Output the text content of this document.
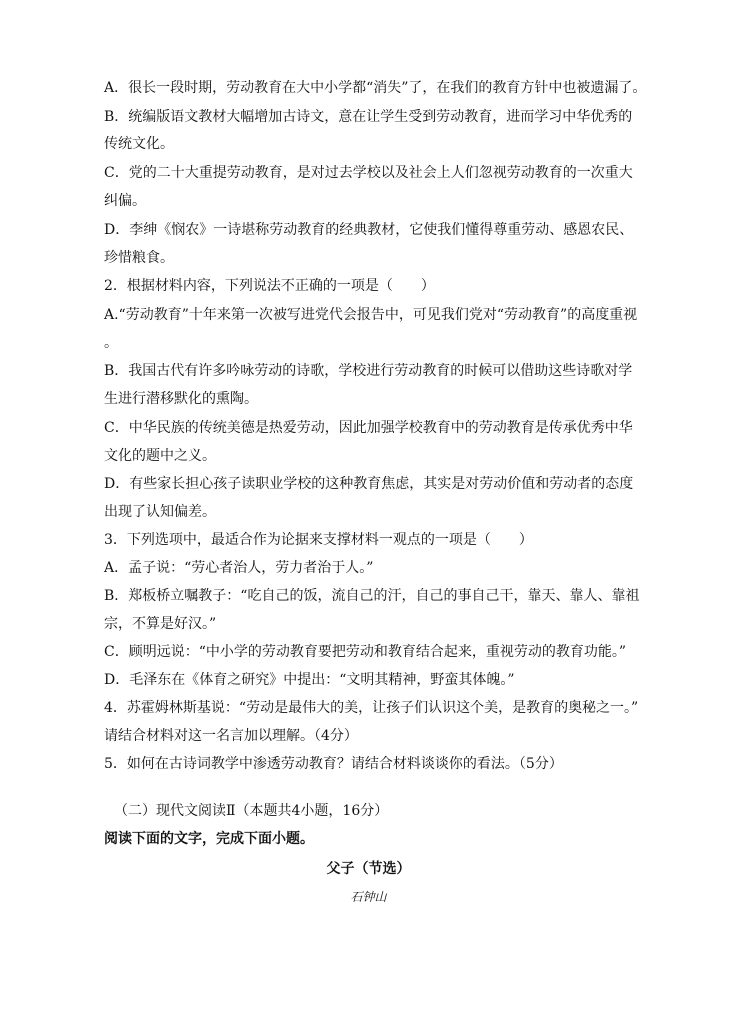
A．很长一段时期，劳动教育在大中小学都“消失”了，在我们的教育方针中也被遗漏了。
B．统编版语文教材大幅增加古诗文，意在让学生受到劳动教育，进而学习中华优秀的
传统文化。
C．党的二十大重提劳动教育，是对过去学校以及社会上人们忽视劳动教育的一次重大
纠偏。
D．李绅《悯农》一诗堪称劳动教育的经典教材，它使我们懂得尊重劳动、感恩农民、
珍惜粮食。
2．根据材料内容，下列说法不正确的一项是（　　）
A.“劳动教育”十年来第一次被写进党代会报告中，可见我们党对“劳动教育”的高度重视
。
B．我国古代有许多吟咏劳动的诗歌，学校进行劳动教育的时候可以借助这些诗歌对学
生进行潜移默化的熏陶。
C．中华民族的传统美德是热爱劳动，因此加强学校教育中的劳动教育是传承优秀中华
文化的题中之义。
D．有些家长担心孩子读职业学校的这种教育焦虑，其实是对劳动价值和劳动者的态度
出现了认知偏差。
3．下列选项中，最适合作为论据来支撑材料一观点的一项是（　　）
A．孟子说：“劳心者治人，劳力者治于人。”
B．郑板桥立嘱教子：“吃自己的饭，流自己的汗，自己的事自己干，靠天、靠人、靠祖
宗，不算是好汉。”
C．顾明远说：“中小学的劳动教育要把劳动和教育结合起来，重视劳动的教育功能。”
D．毛泽东在《体育之研究》中提出：“文明其精神，野蛮其体魄。”
4．苏霍姆林斯基说：“劳动是最伟大的美，让孩子们认识这个美，是教育的奥秘之一。”
请结合材料对这一名言加以理解。（4分）
5．如何在古诗词教学中渗透劳动教育？请结合材料谈谈你的看法。（5分）
（二）现代文阅读Ⅱ（本题共4小题，16分）
阅读下面的文字，完成下面小题。
父子（节选）
石钟山
